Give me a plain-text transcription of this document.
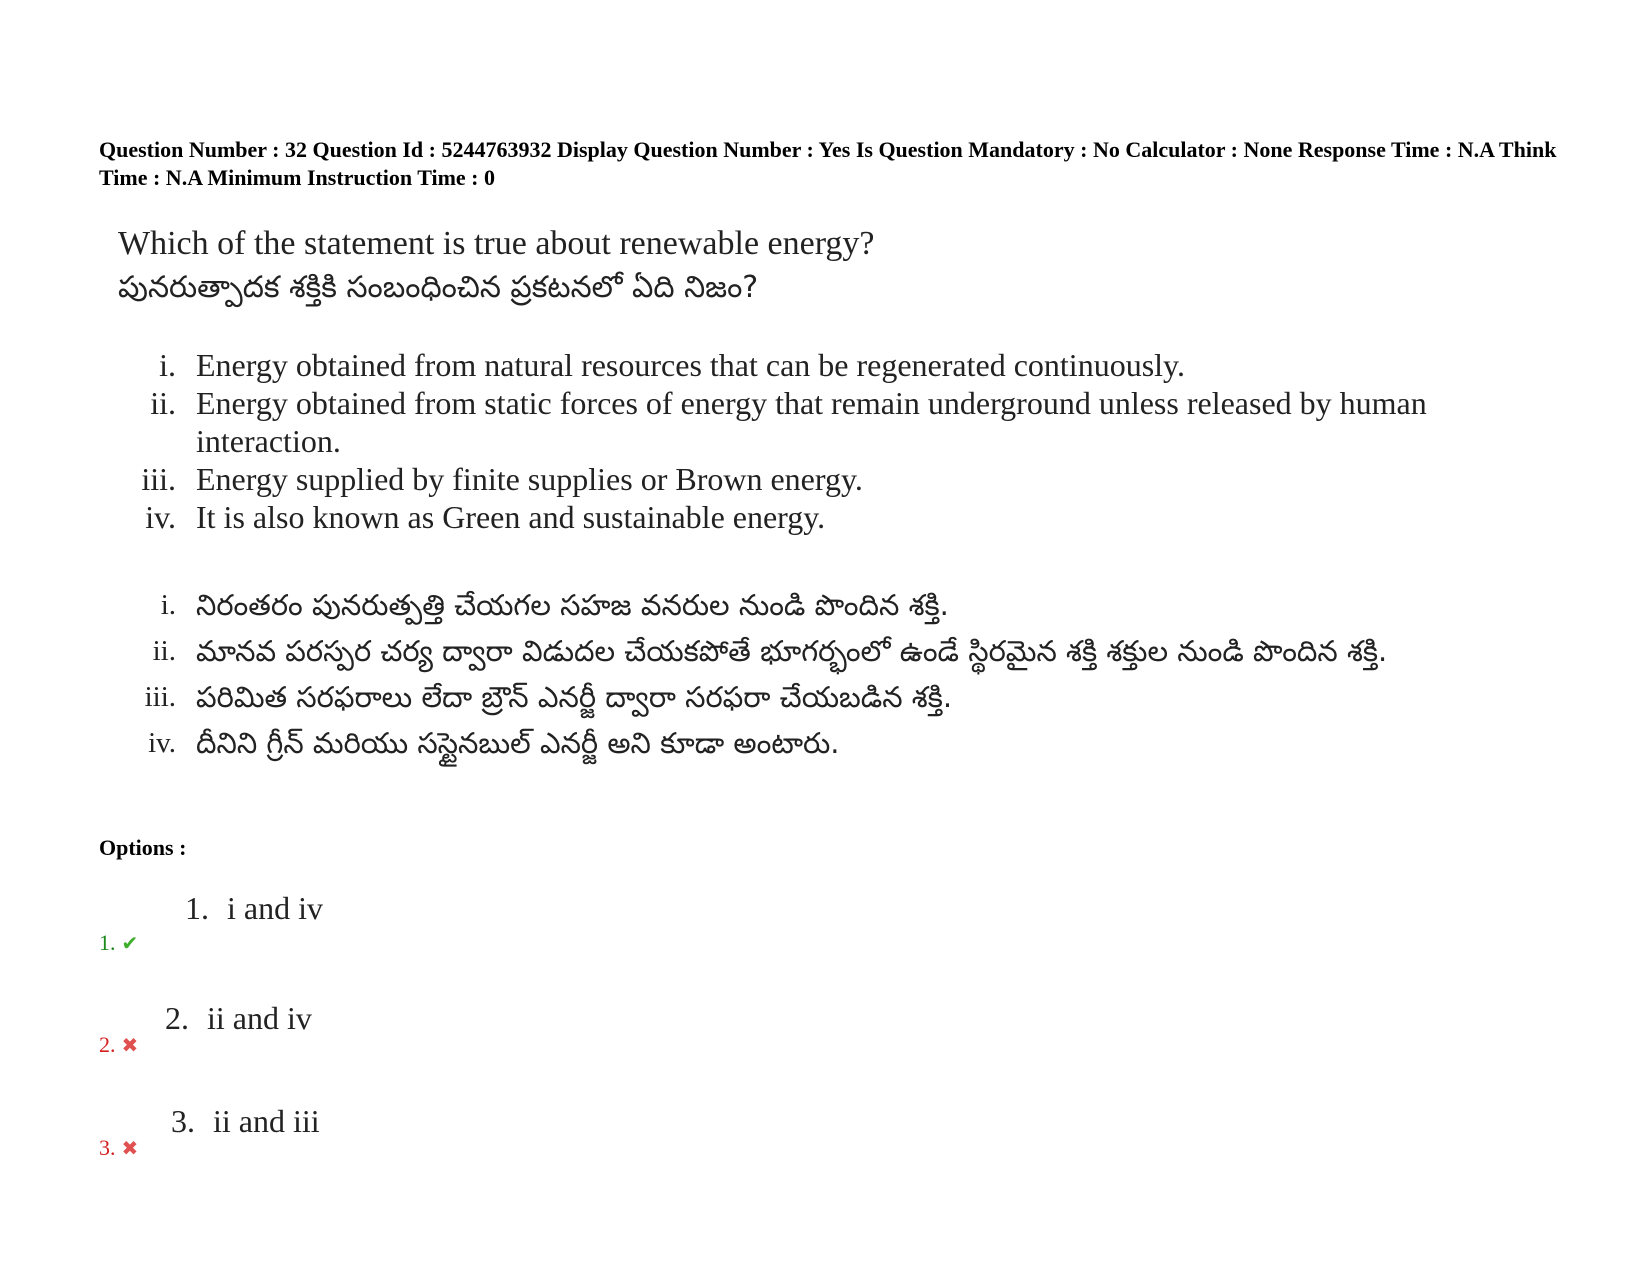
Question Number : 32 Question Id : 5244763932 Display Question Number : Yes Is Question Mandatory : No Calculator : None Response Time : N.A Think Time : N.A Minimum Instruction Time : 0
Which of the statement is true about renewable energy?
పునరుత్పాదక శక్తికి సంబంధించిన ప్రకటనలో ఏది నిజం?
i. Energy obtained from natural resources that can be regenerated continuously.
ii. Energy obtained from static forces of energy that remain underground unless released by human interaction.
iii. Energy supplied by finite supplies or Brown energy.
iv. It is also known as Green and sustainable energy.
i. నిరంతరం పునరుత్పత్తి చేయగల సహజ వనరుల నుండి పొందిన శక్తి.
ii. మానవ పరస్పర చర్య ద్వారా విడుదల చేయకపోతే భూగర్భంలో ఉండే స్థిరమైన శక్తి శక్తుల నుండి పొందిన శక్తి.
iii. పరిమిత సరఫరాలు లేదా బ్రౌన్ ఎనర్జీ ద్వారా సరఫరా చేయబడిన శక్తి.
iv. దీనిని గ్రీన్ మరియు సస్టైనబుల్ ఎనర్జీ అని కూడా అంటారు.
Options :
1. ✔
1. i and iv
2. ✖
2. ii and iv
3. ✖
3. ii and iii
